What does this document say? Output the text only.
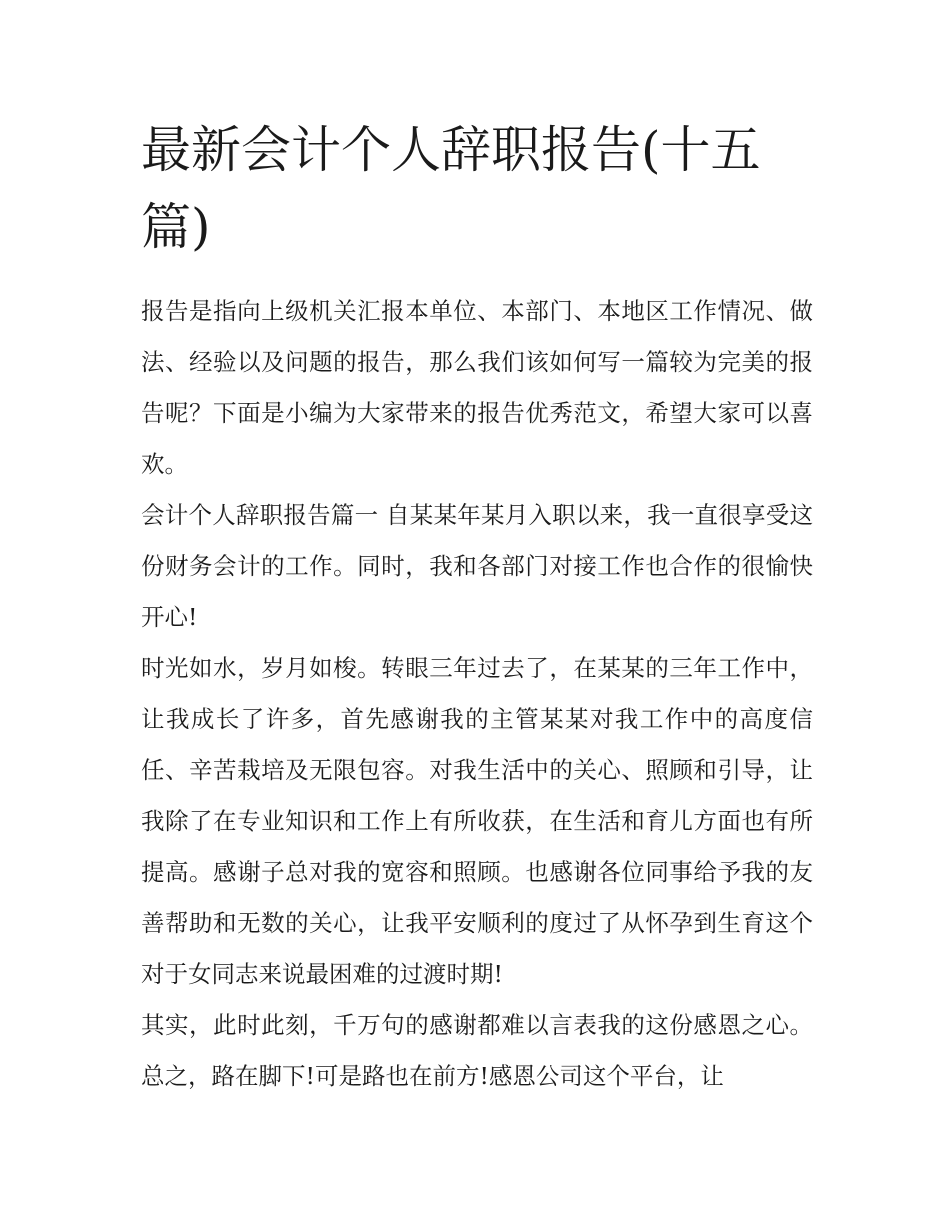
最新会计个人辞职报告(十五篇)

报告是指向上级机关汇报本单位、本部门、本地区工作情况、做法、经验以及问题的报告，那么我们该如何写一篇较为完美的报告呢？下面是小编为大家带来的报告优秀范文，希望大家可以喜欢。

会计个人辞职报告篇一 自某某年某月入职以来，我一直很享受这份财务会计的工作。同时，我和各部门对接工作也合作的很愉快开心!

时光如水，岁月如梭。转眼三年过去了，在某某的三年工作中，让我成长了许多，首先感谢我的主管某某对我工作中的高度信任、辛苦栽培及无限包容。对我生活中的关心、照顾和引导，让我除了在专业知识和工作上有所收获，在生活和育儿方面也有所提高。感谢子总对我的宽容和照顾。也感谢各位同事给予我的友善帮助和无数的关心，让我平安顺利的度过了从怀孕到生育这个对于女同志来说最困难的过渡时期!

其实，此时此刻，千万句的感谢都难以言表我的这份感恩之心。总之，路在脚下!可是路也在前方!感恩公司这个平台，让
